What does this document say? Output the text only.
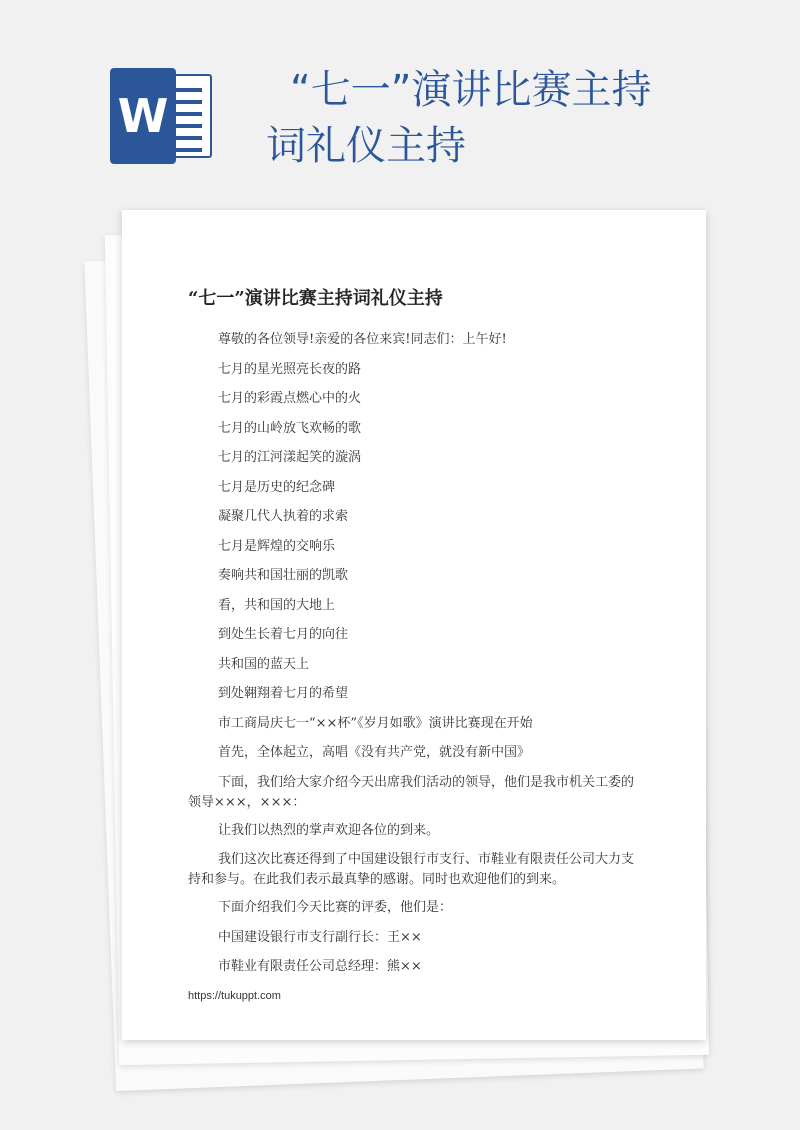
W	“七一”演讲比赛主持
词礼仪主持
“七一”演讲比赛主持词礼仪主持

尊敬的各位领导!亲爱的各位来宾!同志们：上午好!

七月的星光照亮长夜的路

七月的彩霞点燃心中的火

七月的山岭放飞欢畅的歌

七月的江河漾起笑的漩涡

七月是历史的纪念碑

凝聚几代人执着的求索

七月是辉煌的交响乐

奏响共和国壮丽的凯歌

看，共和国的大地上

到处生长着七月的向往

共和国的蓝天上

到处翱翔着七月的希望

市工商局庆七一“××杯”《岁月如歌》演讲比赛现在开始

首先，全体起立，高唱《没有共产党，就没有新中国》

下面，我们给大家介绍今天出席我们活动的领导，他们是我市机关工委的领导×××，×××：

让我们以热烈的掌声欢迎各位的到来。

我们这次比赛还得到了中国建设银行市支行、市鞋业有限责任公司大力支持和参与。在此我们表示最真挚的感谢。同时也欢迎他们的到来。

下面介绍我们今天比赛的评委，他们是：

中国建设银行市支行副行长：王××

市鞋业有限责任公司总经理：熊××

https://tukuppt.com
